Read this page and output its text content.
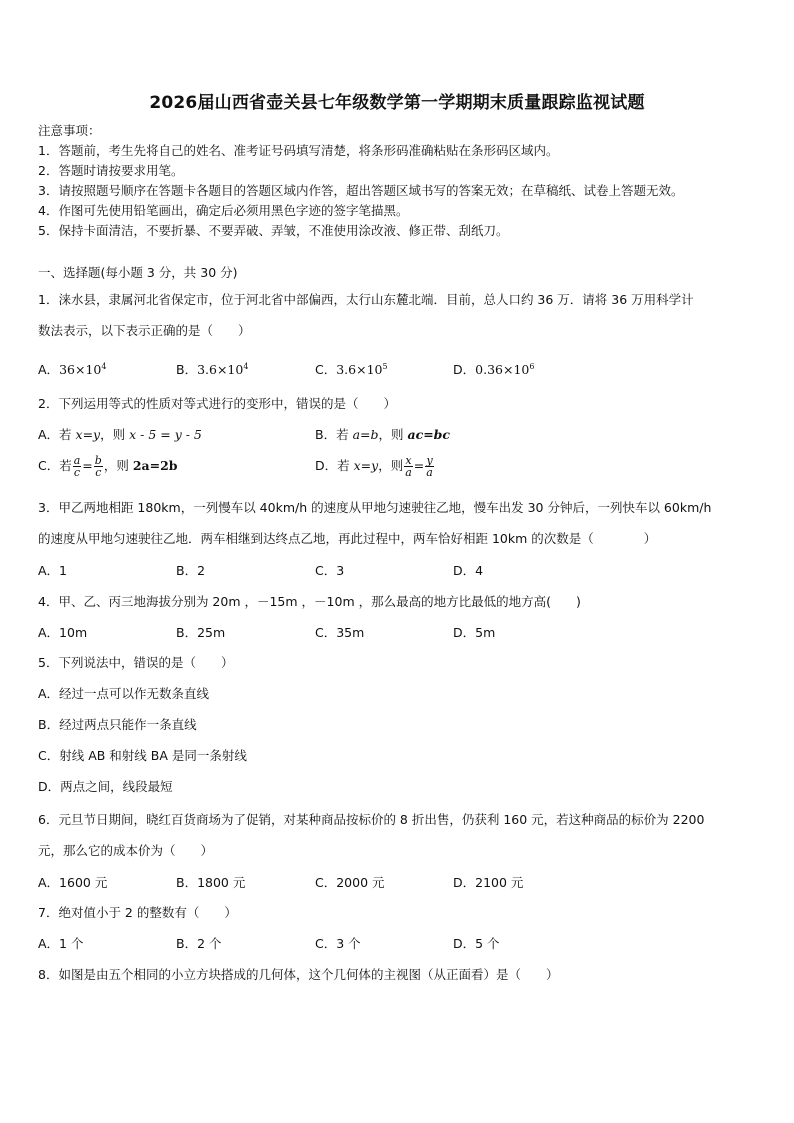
2026届山西省壶关县七年级数学第一学期期末质量跟踪监视试题
注意事项：
1．答题前，考生先将自己的姓名、准考证号码填写清楚，将条形码准确粘贴在条形码区域内。
2．答题时请按要求用笔。
3．请按照题号顺序在答题卡各题目的答题区域内作答，超出答题区域书写的答案无效；在草稿纸、试卷上答题无效。
4．作图可先使用铅笔画出，确定后必须用黑色字迹的签字笔描黑。
5．保持卡面清洁，不要折暴、不要弄破、弄皱，不准使用涂改液、修正带、刮纸刀。
一、选择题(每小题 3 分，共 30 分)
1．涞水县，隶属河北省保定市，位于河北省中部偏西，太行山东麓北端．目前，总人口约 36 万．请将 36 万用科学计
数法表示，以下表示正确的是（　　）
A．$36\times 10^4$	B．$3.6\times 10^4$	C．$3.6\times 10^5$	D．$0.36\times 10^6$
2．下列运用等式的性质对等式进行的变形中，错误的是（　　）
A．若 x=y，则 x - 5 = y - 5	B．若 a=b，则 ac=bc
C．若 $\frac{a}{c} = \frac{b}{c}$ ，则 2a=2b	D．若 x=y，则 $\frac{x}{a} = \frac{y}{a}$
3．甲乙两地相距 180km，一列慢车以 40km/h 的速度从甲地匀速驶往乙地，慢车出发 30 分钟后，一列快车以 60km/h
的速度从甲地匀速驶往乙地．两车相继到达终点乙地，再此过程中，两车恰好相距 10km 的次数是（　　　　）
A．1	B．2	C．3	D．4
4．甲、乙、丙三地海拔分别为 20m ，－15m ，－10m ，那么最高的地方比最低的地方高(　　)
A．10m	B．25m	C．35m	D．5m
5．下列说法中，错误的是（　　）
A．经过一点可以作无数条直线
B．经过两点只能作一条直线
C．射线 AB 和射线 BA 是同一条射线
D．两点之间，线段最短
6．元旦节日期间，晓红百货商场为了促销，对某种商品按标价的 8 折出售，仍获利 160 元，若这种商品的标价为 2200
元，那么它的成本价为（　　）
A．1600 元	B．1800 元	C．2000 元	D．2100 元
7．绝对值小于 2 的整数有（　　）
A．1 个	B．2 个	C．3 个	D．5 个
8．如图是由五个相同的小立方块搭成的几何体，这个几何体的主视图（从正面看）是（　　）
